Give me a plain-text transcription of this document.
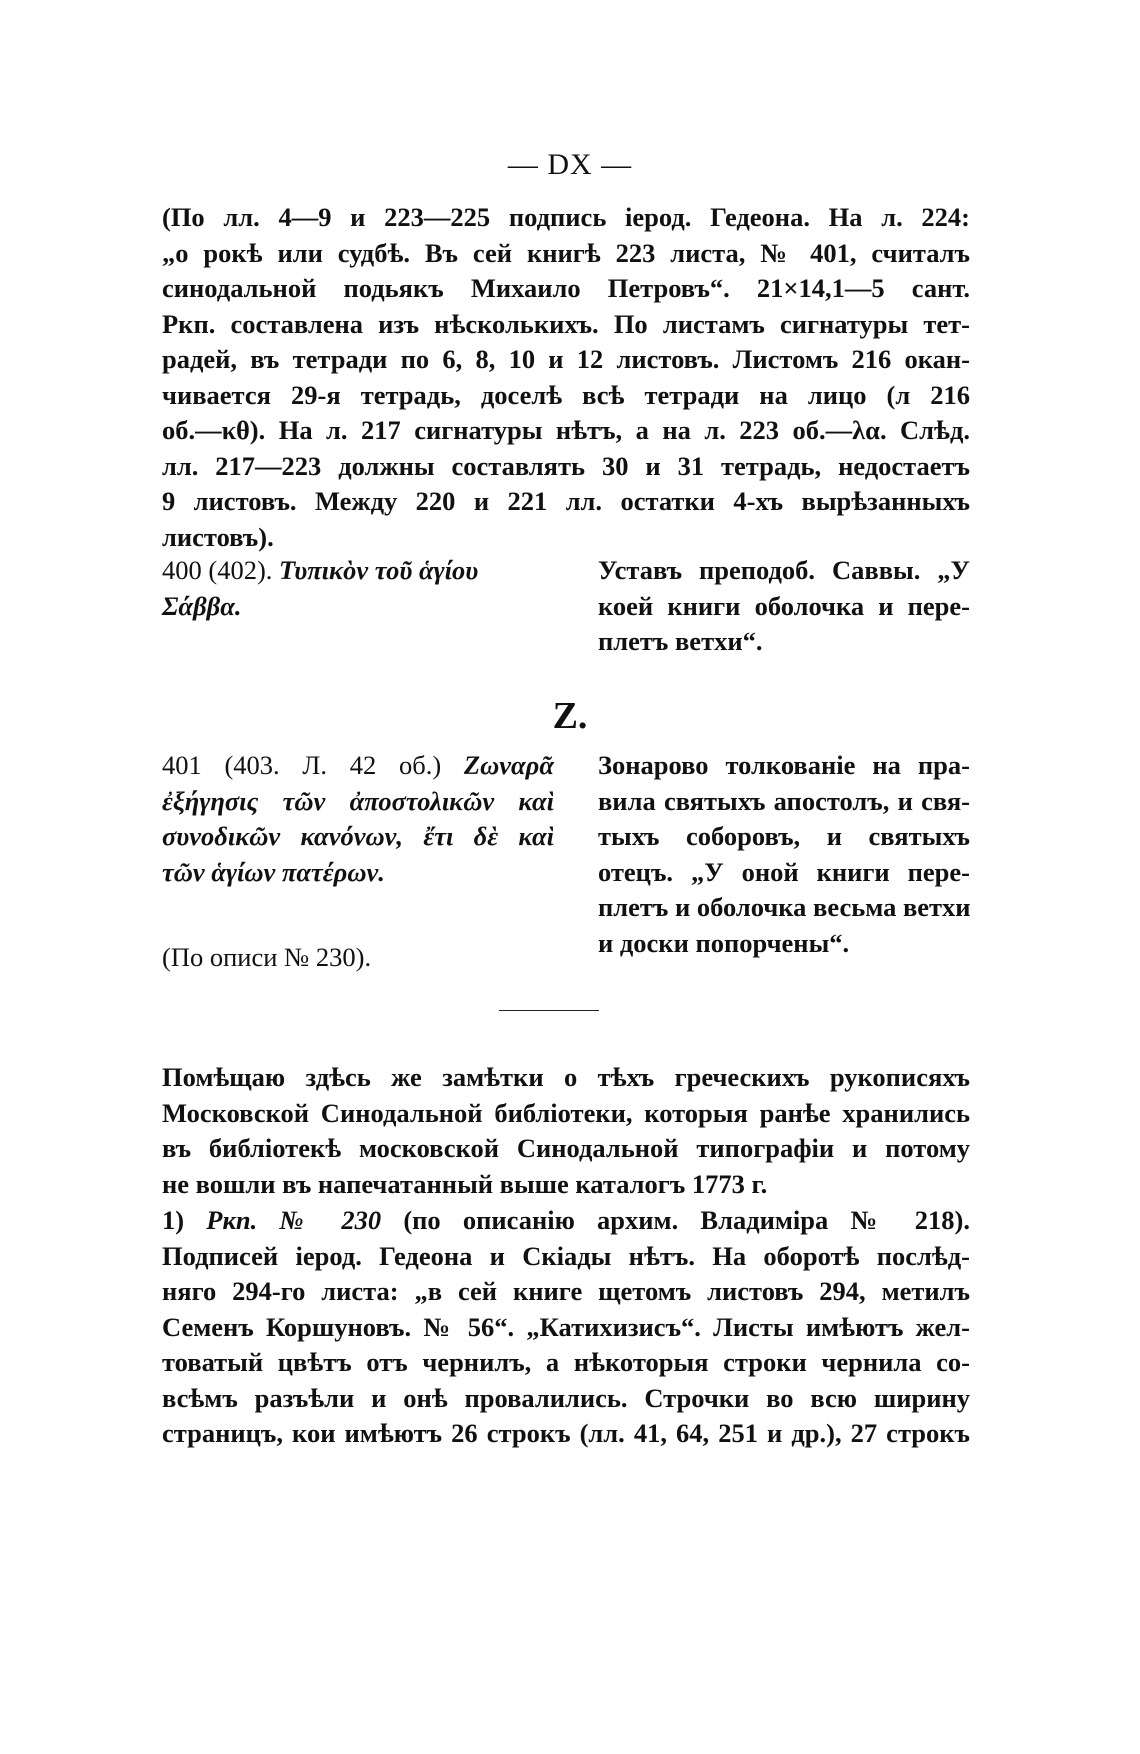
— DX —
(По лл. 4—9 и 223—225 подпись іерод. Гедеона. На л. 224:
„о рокѣ или судбѣ. Въ сей книгѣ 223 листа, № 401, считалъ
синодальной подьякъ Михаило Петровъ“. 21×14,1—5 сант.
Ркп. составлена изъ нѣсколькихъ. По листамъ сигнатуры тет-
радей, въ тетради по 6, 8, 10 и 12 листовъ. Листомъ 216 окан-
чивается 29-я тетрадь, доселѣ всѣ тетради на лицо (л 216
об.—κθ). На л. 217 сигнатуры нѣтъ, а на л. 223 об.—λα. Слѣд.
лл. 217—223 должны составлять 30 и 31 тетрадь, недостаетъ
9 листовъ. Между 220 и 221 лл. остатки 4-хъ вырѣзанныхъ
листовъ).
400 (402). Τυπικὸν τοῦ ἁγίου
Σάββα.
Уставъ преподоб. Саввы. „У
коей книги оболочка и пере-
плетъ ветхи“.
Z.
401 (403. Л. 42 об.) Ζωναρᾶ
ἐξήγησις τῶν ἀποστολικῶν καὶ
συνοδικῶν κανόνων, ἔτι δὲ καὶ
τῶν ἁγίων πατέρων.
Зонарово толкованіе на пра-
вила святыхъ апостолъ, и свя-
тыхъ соборовъ, и святыхъ
отецъ. „У оной книги пере-
плетъ и оболочка весьма ветхи
и доски попорчены“.
(По описи № 230).
Помѣщаю здѣсь же замѣтки о тѣхъ греческихъ рукописяхъ
Московской Синодальной библіотеки, которыя ранѣе хранились
въ библіотекѣ московской Синодальной типографіи и потому
не вошли въ напечатанный выше каталогъ 1773 г.
1) Ркп. № 230 (по описанію архим. Владиміра № 218).
Подписей іерод. Гедеона и Скіады нѣтъ. На оборотѣ послѣд-
няго 294-го листа: „в сей книге щетомъ листовъ 294, метилъ
Семенъ Коршуновъ. № 56“. „Катихизисъ“. Листы имѣютъ жел-
товатый цвѣтъ отъ чернилъ, а нѣкоторыя строки чернила со-
всѣмъ разъѣли и онѣ провалились. Строчки во всю ширину
страницъ, кои имѣютъ 26 строкъ (лл. 41, 64, 251 и др.), 27 строкъ
